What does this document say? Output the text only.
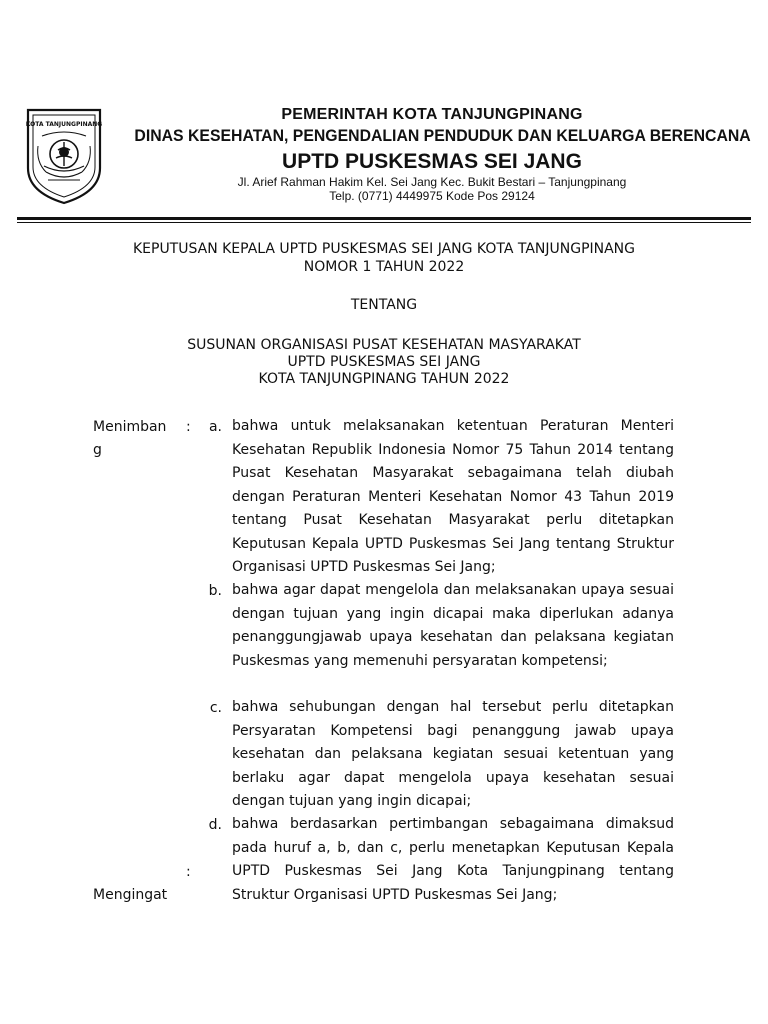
KOTA TANJUNGPINANG
PEMERINTAH KOTA TANJUNGPINANG
DINAS KESEHATAN, PENGENDALIAN PENDUDUK DAN KELUARGA BERENCANA
UPTD PUSKESMAS SEI JANG
Jl. Arief Rahman Hakim Kel. Sei Jang Kec. Bukit Bestari – Tanjungpinang
Telp. (0771) 4449975 Kode Pos 29124
KEPUTUSAN KEPALA UPTD PUSKESMAS SEI JANG KOTA TANJUNGPINANG
NOMOR 1 TAHUN 2022
TENTANG
SUSUNAN ORGANISASI PUSAT KESEHATAN MASYARAKAT
UPTD PUSKESMAS SEI JANG
KOTA TANJUNGPINANG TAHUN 2022
Menimban
g
:	a. bahwa untuk melaksanakan ketentuan Peraturan Menteri Kesehatan Republik Indonesia Nomor 75 Tahun 2014 tentang Pusat Kesehatan Masyarakat sebagaimana telah diubah dengan Peraturan Menteri Kesehatan Nomor 43 Tahun 2019 tentang Pusat Kesehatan Masyarakat perlu ditetapkan Keputusan Kepala UPTD Puskesmas Sei Jang tentang Struktur Organisasi UPTD Puskesmas Sei Jang;
b. bahwa agar dapat mengelola dan melaksanakan upaya sesuai dengan tujuan yang ingin dicapai maka diperlukan adanya penanggungjawab upaya kesehatan dan pelaksana kegiatan Puskesmas yang memenuhi persyaratan kompetensi;
c. bahwa sehubungan dengan hal tersebut perlu ditetapkan Persyaratan Kompetensi bagi penanggung jawab upaya kesehatan dan pelaksana kegiatan sesuai ketentuan yang berlaku agar dapat mengelola upaya kesehatan sesuai dengan tujuan yang ingin dicapai;
d. bahwa berdasarkan pertimbangan sebagaimana dimaksud pada huruf a, b, dan c, perlu menetapkan Keputusan Kepala UPTD Puskesmas Sei Jang Kota Tanjungpinang tentang Struktur Organisasi UPTD Puskesmas Sei Jang;
:
Mengingat
